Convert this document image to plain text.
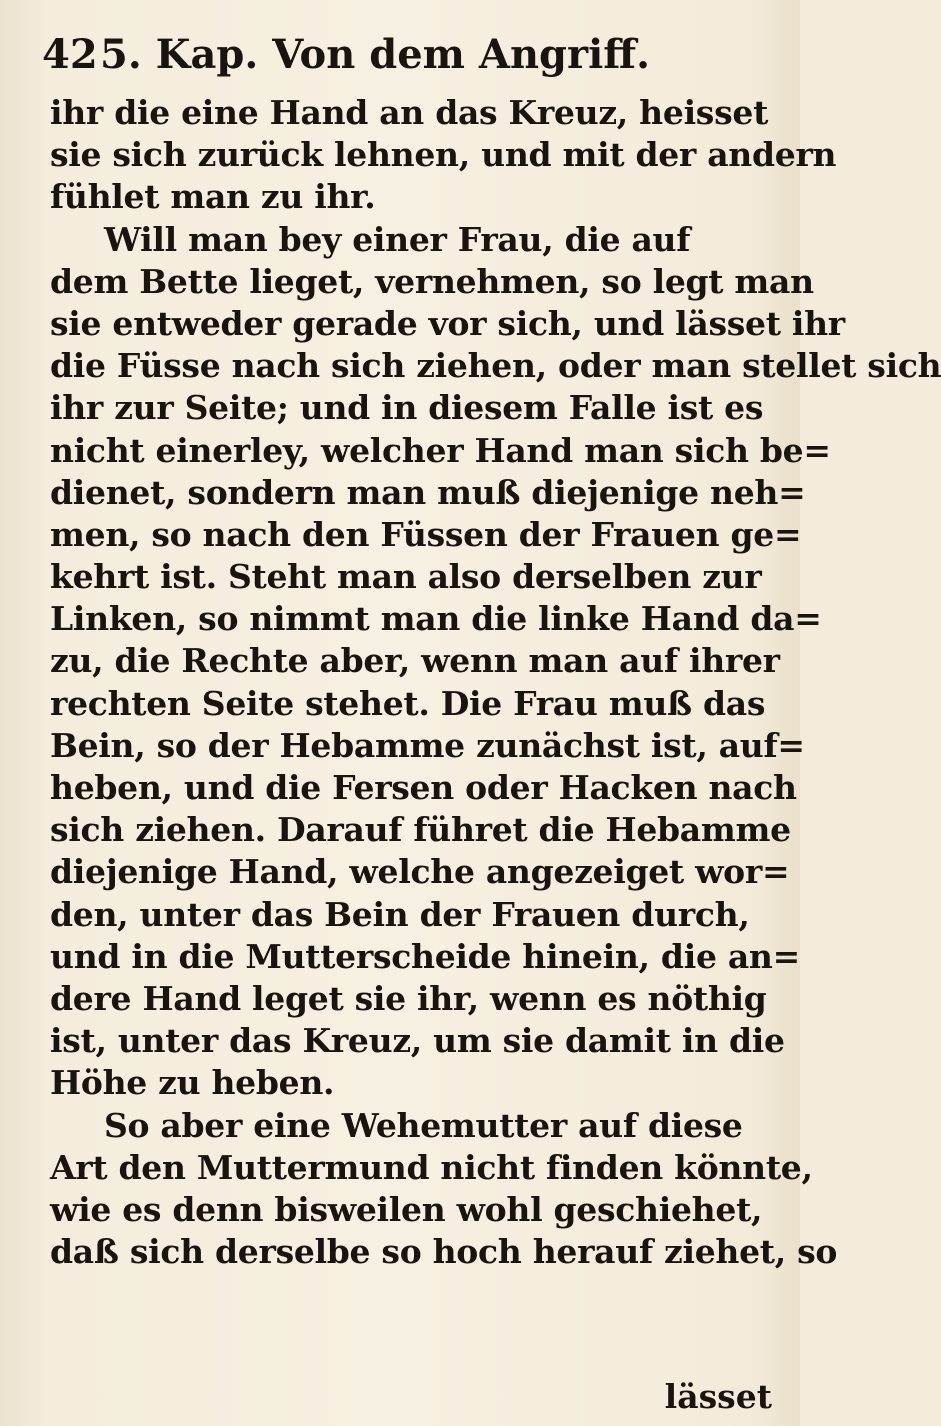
425. Kap. Von dem Angriff.
ihr die eine Hand an das Kreuz, heisset
sie sich zurück lehnen, und mit der andern
fühlet man zu ihr.
Will man bey einer Frau, die auf
dem Bette lieget, vernehmen, so legt man
sie entweder gerade vor sich, und lässet ihr
die Füsse nach sich ziehen, oder man stellet sich
ihr zur Seite; und in diesem Falle ist es
nicht einerley, welcher Hand man sich be=
dienet, sondern man muß diejenige neh=
men, so nach den Füssen der Frauen ge=
kehrt ist. Steht man also derselben zur
Linken, so nimmt man die linke Hand da=
zu, die Rechte aber, wenn man auf ihrer
rechten Seite stehet. Die Frau muß das
Bein, so der Hebamme zunächst ist, auf=
heben, und die Fersen oder Hacken nach
sich ziehen. Darauf führet die Hebamme
diejenige Hand, welche angezeiget wor=
den, unter das Bein der Frauen durch,
und in die Mutterscheide hinein, die an=
dere Hand leget sie ihr, wenn es nöthig
ist, unter das Kreuz, um sie damit in die
Höhe zu heben.
So aber eine Wehemutter auf diese
Art den Muttermund nicht finden könnte,
wie es denn bisweilen wohl geschiehet,
daß sich derselbe so hoch herauf ziehet, so
lässet
